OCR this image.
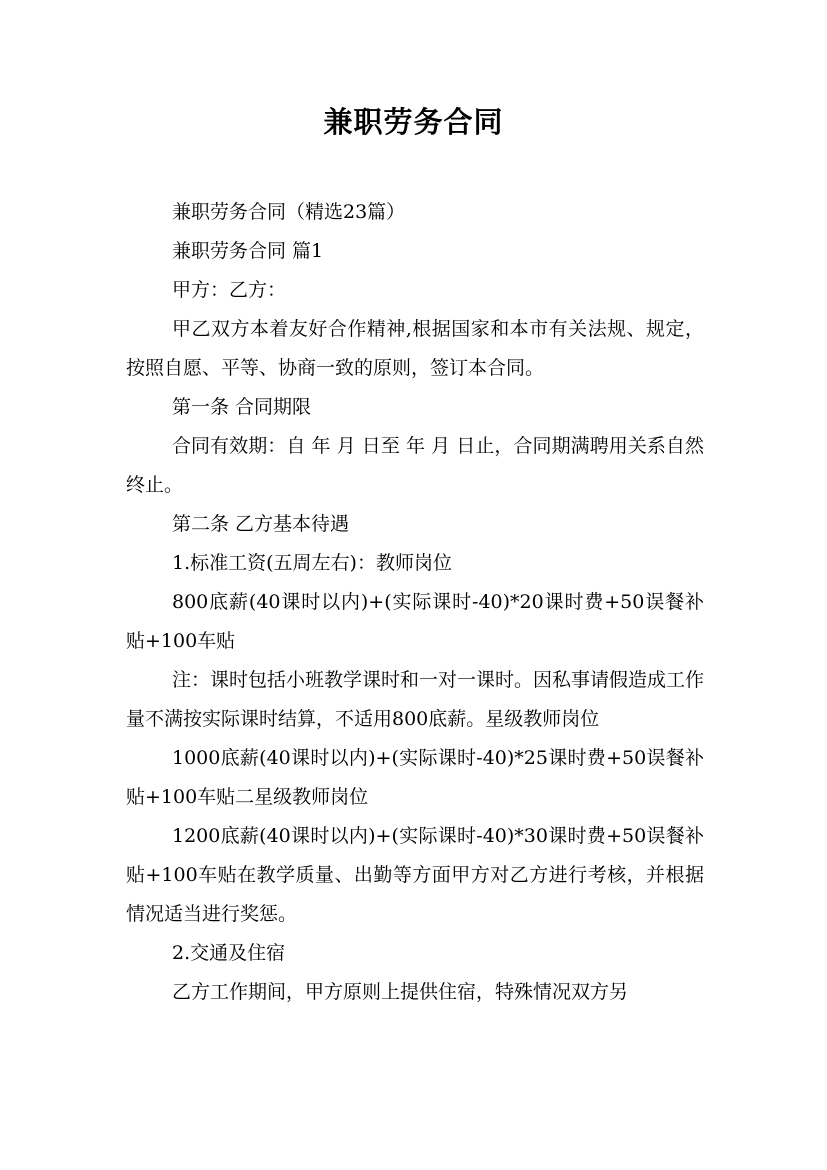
兼职劳务合同

兼职劳务合同（精选23篇）

兼职劳务合同 篇1

甲方：乙方：

甲乙双方本着友好合作精神,根据国家和本市有关法规、规定，按照自愿、平等、协商一致的原则，签订本合同。

第一条 合同期限

合同有效期：自 年 月 日至 年 月 日止，合同期满聘用关系自然终止。

第二条 乙方基本待遇

1.标准工资(五周左右)：教师岗位

800底薪(40课时以内)+(实际课时-40)*20课时费+50误餐补贴+100车贴

注：课时包括小班教学课时和一对一课时。因私事请假造成工作量不满按实际课时结算，不适用800底薪。星级教师岗位

1000底薪(40课时以内)+(实际课时-40)*25课时费+50误餐补贴+100车贴二星级教师岗位

1200底薪(40课时以内)+(实际课时-40)*30课时费+50误餐补贴+100车贴在教学质量、出勤等方面甲方对乙方进行考核，并根据情况适当进行奖惩。

2.交通及住宿

乙方工作期间，甲方原则上提供住宿，特殊情况双方另
